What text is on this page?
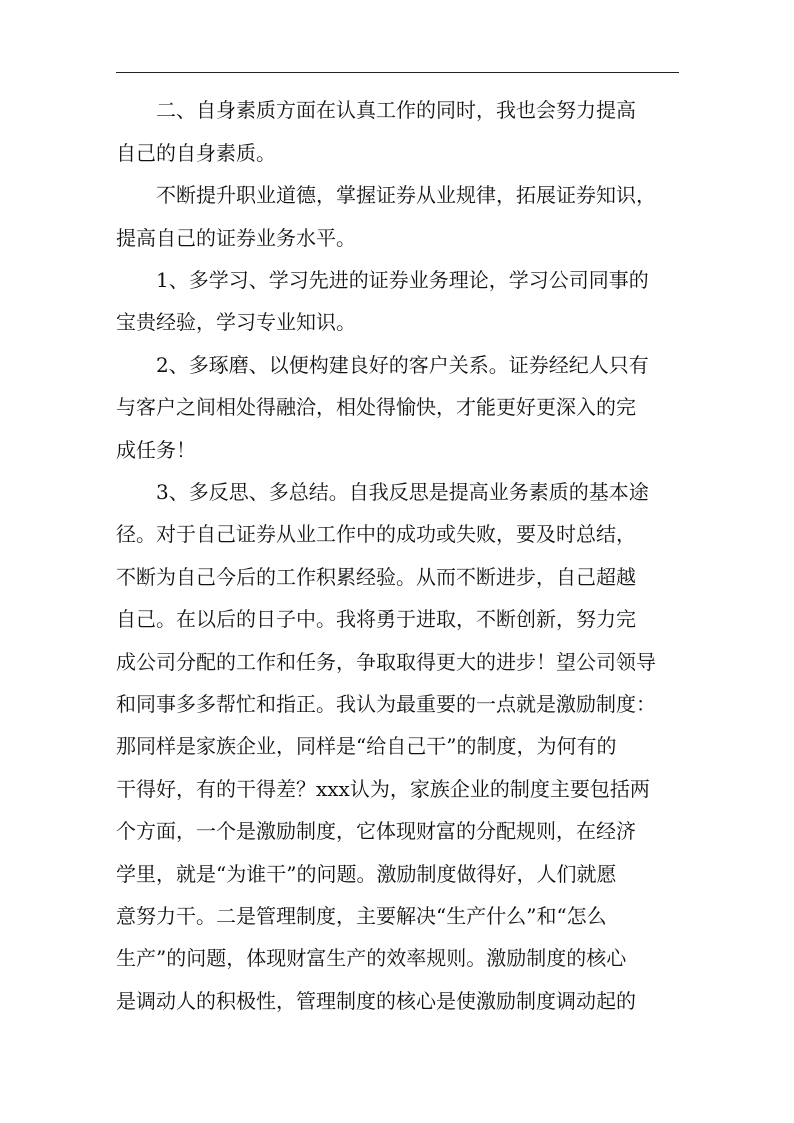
　　二、自身素质方面在认真工作的同时，我也会努力提高
自己的自身素质。
　　不断提升职业道德，掌握证券从业规律，拓展证券知识，
提高自己的证券业务水平。
　　1、多学习、学习先进的证券业务理论，学习公司同事的
宝贵经验，学习专业知识。
　　2、多琢磨、以便构建良好的客户关系。证券经纪人只有
与客户之间相处得融洽，相处得愉快，才能更好更深入的完
成任务！
　　3、多反思、多总结。自我反思是提高业务素质的基本途
径。对于自己证券从业工作中的成功或失败，要及时总结，
不断为自己今后的工作积累经验。从而不断进步，自己超越
自己。在以后的日子中。我将勇于进取，不断创新，努力完
成公司分配的工作和任务，争取取得更大的进步！望公司领导
和同事多多帮忙和指正。我认为最重要的一点就是激励制度：
那同样是家族企业，同样是“给自己干”的制度，为何有的
干得好，有的干得差？xxx认为，家族企业的制度主要包括两
个方面，一个是激励制度，它体现财富的分配规则，在经济
学里，就是“为谁干”的问题。激励制度做得好，人们就愿
意努力干。二是管理制度，主要解决“生产什么”和“怎么
生产”的问题，体现财富生产的效率规则。激励制度的核心
是调动人的积极性，管理制度的核心是使激励制度调动起的
